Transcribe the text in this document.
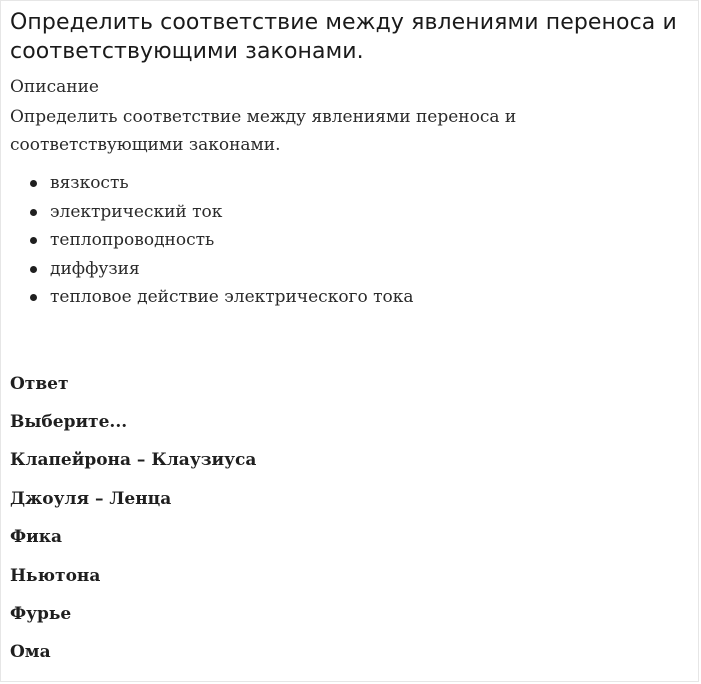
Определить соответствие между явлениями переноса и соответствующими законами.
Описание
Определить соответствие между явлениями переноса и соответствующими законами.
вязкость
электрический ток
теплопроводность
диффузия
тепловое действие электрического тока
Ответ
Выберите...
Клапейрона – Клаузиуса
Джоуля – Ленца
Фика
Ньютона
Фурье
Ома
